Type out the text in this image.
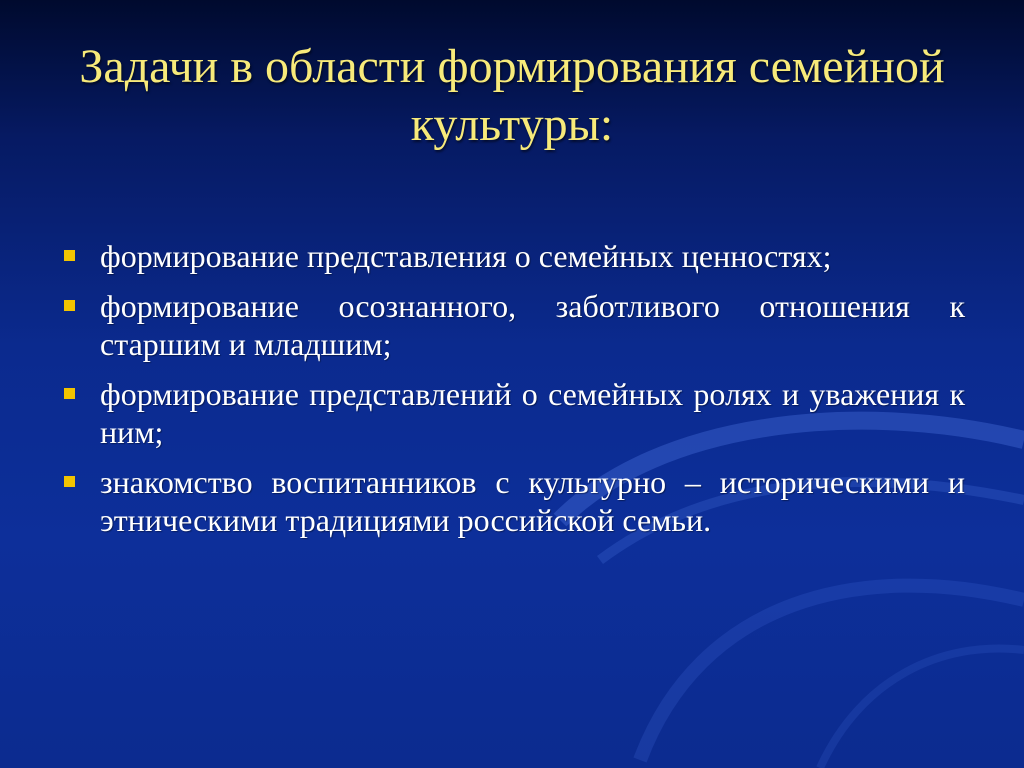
Задачи в области формирования семейной культуры:
формирование представления о семейных ценностях;
формирование осознанного, заботливого отношения к старшим и младшим;
формирование представлений о семейных ролях и уважения к ним;
знакомство воспитанников с культурно – историческими и этническими традициями российской семьи.
